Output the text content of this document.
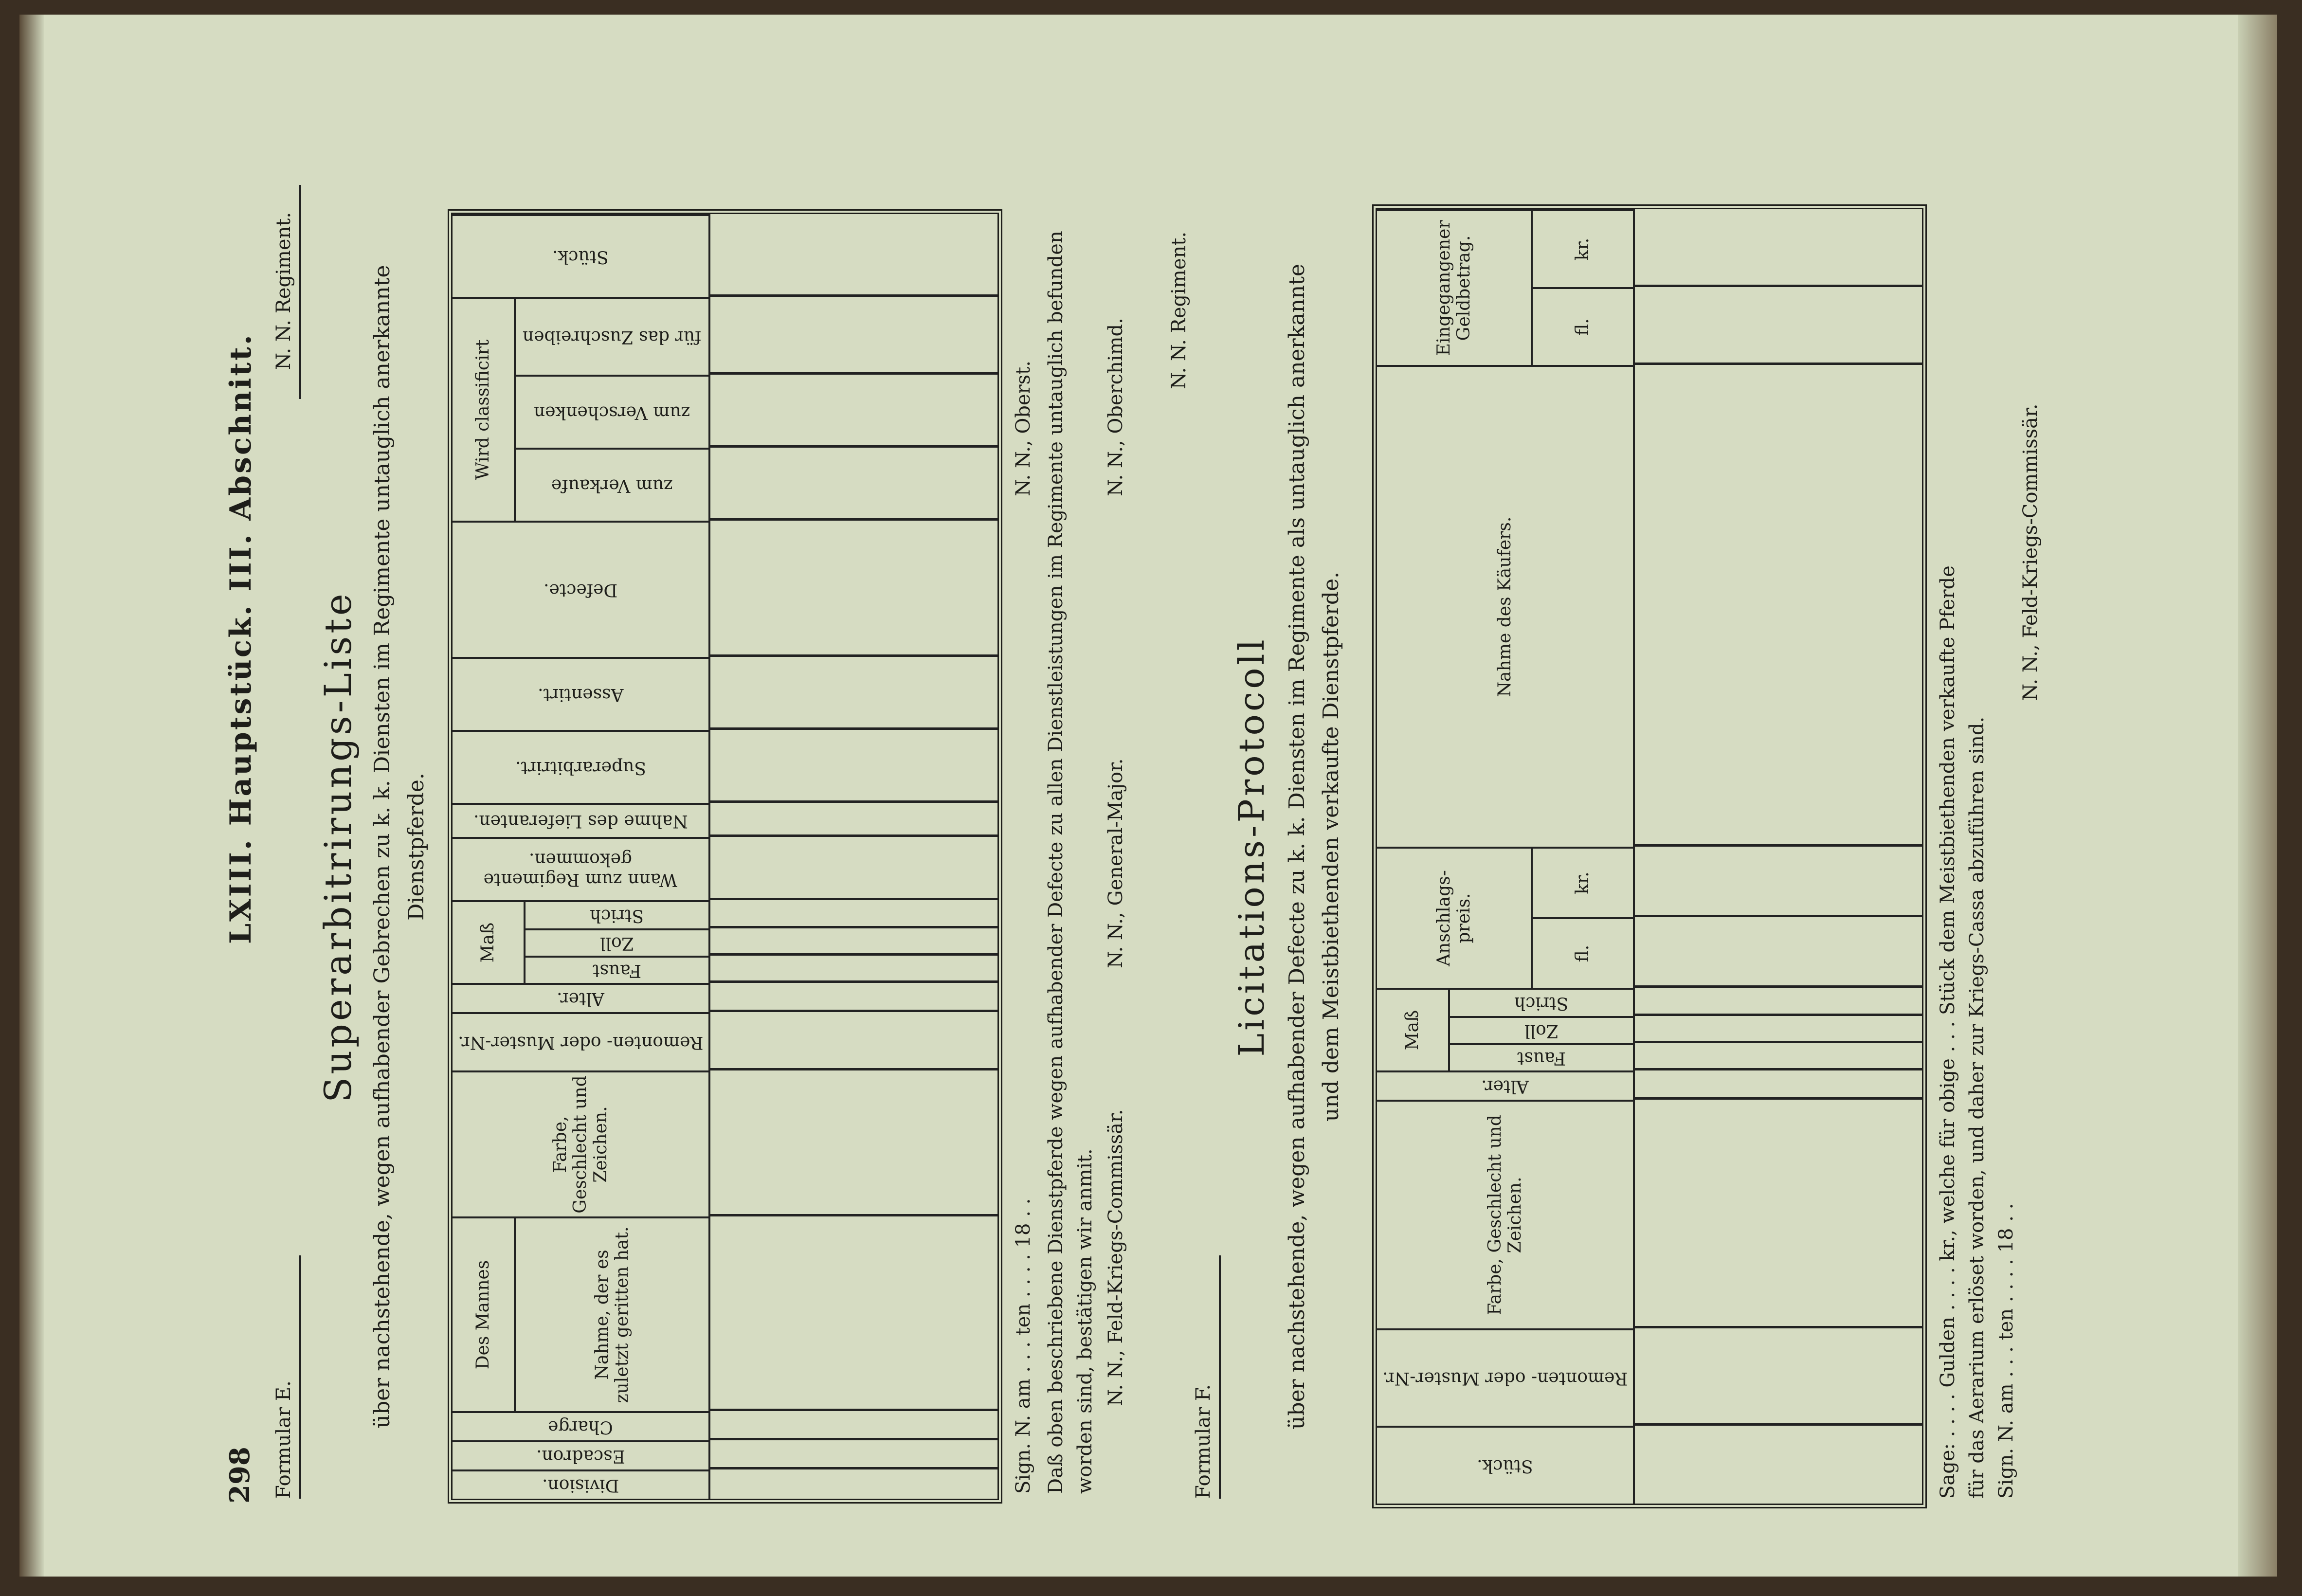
298
LXIII. Hauptstück. III. Abschnitt.
Formular E.
N. N. Regiment.
Superarbitrirungs-Liste über nachstehende, wegen aufhabender Gebrechen zu k. k. Diensten im Regimente untauglich anerkannte Dienstpferde.
Division.
Escadron.
Charge
Des Mannes	Nahme, der es zuletzt geritten hat.
Farbe, Geschlecht und Zeichen.
Remonten- oder Muster-Nr.
Alter.
Maß
Faust
Zoll
Strich
Wann zum Regimente gekommen.
Nahme des Lieferanten.
Superarbitrirt.
Assentirt.
Defecte.
Wird classificirt
zum Verkaufe
zum Verschenken
für das Zuschreiben
Stück.
Sign. N. am . . . ten . . . . 18 . .
N. N., Oberst. Daß oben beschriebene Dienstpferde wegen aufhabender Defecte zu allen Dienstleistungen im Regimente untauglich befunden worden sind, bestätigen wir anmit. N. N., Feld-Kriegs-Commissär.
N. N., General-Major.
N. N., Oberchimd.
N. N. Regiment.
Formular F.
Licitations-Protocoll über nachstehende, wegen aufhabender Defecte zu k. k. Diensten im Regimente als untauglich anerkannte und dem Meistbiethenden verkaufte Dienstpferde.
Stück.
Remonten- oder Muster-Nr.
Farbe, Geschlecht und Zeichen.
Alter.
Maß
Faust
Zoll
Strich
Anschlags-preis.
fl.
kr.
Nahme des Käufers.
Eingegangener Geldbetrag.	fl.
kr.
Sage: . . . . Gulden . . . . kr., welche für obige . . . Stück dem Meistbiethenden verkaufte Pferde für das Aerarium erlöset worden, und daher zur Kriegs-Cassa abzuführen sind. Sign. N. am . . . ten . . . . 18 . .
N. N., Feld-Kriegs-Commissär.
